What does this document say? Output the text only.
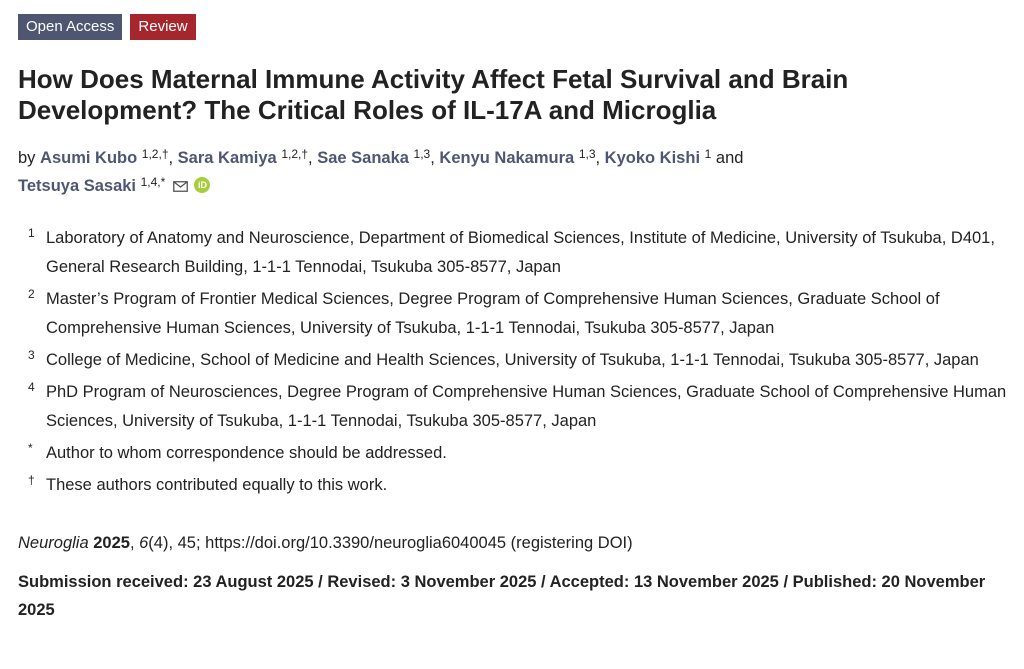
Open Access	Review
How Does Maternal Immune Activity Affect Fetal Survival and Brain Development? The Critical Roles of IL-17A and Microglia
by Asumi Kubo $^{1,2,\dagger}$, Sara Kamiya $^{1,2,\dagger}$, Sae Sanaka $^{1,3}$, Kenyu Nakamura $^{1,3}$, Kyoko Kishi $^1$ and
Tetsuya Sasaki $^{1,4,*}$	iD
1 Laboratory of Anatomy and Neuroscience, Department of Biomedical Sciences, Institute of Medicine, University of Tsukuba, D401, General Research Building, 1-1-1 Tennodai, Tsukuba 305-8577, Japan
2 Master’s Program of Frontier Medical Sciences, Degree Program of Comprehensive Human Sciences, Graduate School of Comprehensive Human Sciences, University of Tsukuba, 1-1-1 Tennodai, Tsukuba 305-8577, Japan
3 College of Medicine, School of Medicine and Health Sciences, University of Tsukuba, 1-1-1 Tennodai, Tsukuba 305-8577, Japan
4 PhD Program of Neurosciences, Degree Program of Comprehensive Human Sciences, Graduate School of Comprehensive Human Sciences, University of Tsukuba, 1-1-1 Tennodai, Tsukuba 305-8577, Japan
* Author to whom correspondence should be addressed.
† These authors contributed equally to this work.
Neuroglia 2025, 6(4), 45; https://doi.org/10.3390/neuroglia6040045 (registering DOI)
Submission received: 23 August 2025 / Revised: 3 November 2025 / Accepted: 13 November 2025 / Published: 20 November 2025
